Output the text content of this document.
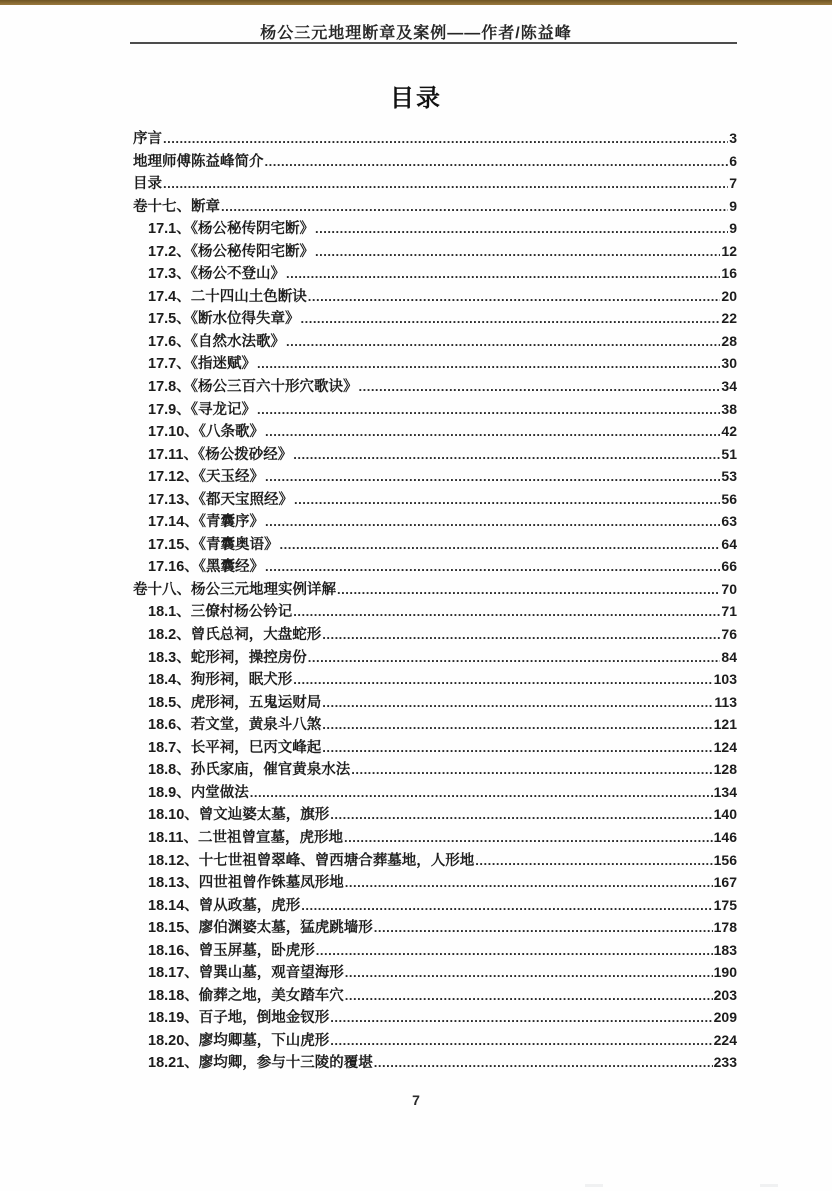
杨公三元地理断章及案例——作者/陈益峰
目录
序言 .....	3
地理师傅陈益峰简介 .....	6
目录 .....	7
卷十七、断章 .....	9
17.1、《杨公秘传阴宅断》 .....	9
17.2、《杨公秘传阳宅断》 .....	12
17.3、《杨公不登山》 .....	16
17.4、二十四山土色断诀 .....	20
17.5、《断水位得失章》 .....	22
17.6、《自然水法歌》 .....	28
17.7、《指迷赋》 .....	30
17.8、《杨公三百六十形穴歌诀》 .....	34
17.9、《寻龙记》 .....	38
17.10、《八条歌》 .....	42
17.11、《杨公拨砂经》 .....	51
17.12、《天玉经》 .....	53
17.13、《都天宝照经》 .....	56
17.14、《青囊序》 .....	63
17.15、《青囊奥语》 .....	64
17.16、《黑囊经》 .....	66
卷十八、杨公三元地理实例详解 .....	70
18.1、三僚村杨公钤记 .....	71
18.2、曾氏总祠，大盘蛇形 .....	76
18.3、蛇形祠，操控房份 .....	84
18.4、狗形祠，眠犬形 .....	103
18.5、虎形祠，五鬼运财局 .....	113
18.6、若文堂，黄泉斗八煞 .....	121
18.7、长平祠，巳丙文峰起 .....	124
18.8、孙氏家庙，催官黄泉水法 .....	128
18.9、内堂做法 .....	134
18.10、曾文辿婆太墓，旗形 .....	140
18.11、二世祖曾宣墓，虎形地 .....	146
18.12、十七世祖曾翠峰、曾西塘合葬墓地，人形地 .....	156
18.13、四世祖曾作铢墓凤形地 .....	167
18.14、曾从政墓，虎形 .....	175
18.15、廖伯渊婆太墓，猛虎跳墙形 .....	178
18.16、曾玉屏墓，卧虎形 .....	183
18.17、曾巽山墓，观音望海形 .....	190
18.18、偷葬之地，美女踏车穴 .....	203
18.19、百子地，倒地金钗形 .....	209
18.20、廖均卿墓，下山虎形 .....	224
18.21、廖均卿，参与十三陵的覆堪 .....	233
7
